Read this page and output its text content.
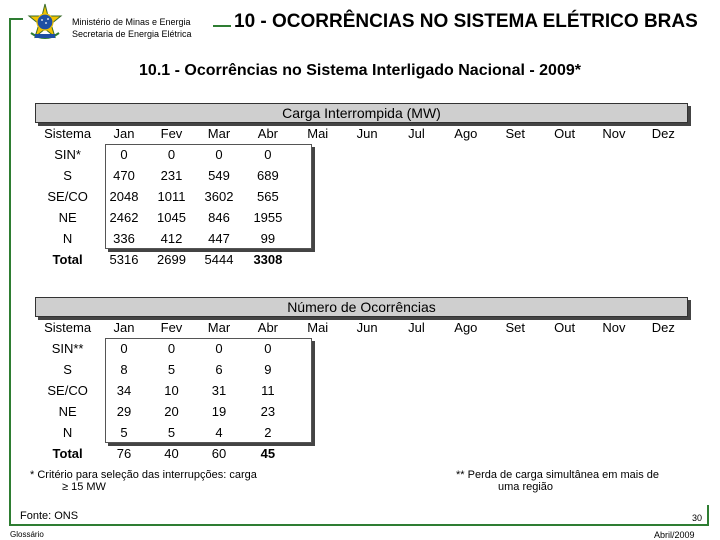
Ministério de Minas e Energia
Secretaria de Energia Elétrica
10 - OCORRÊNCIAS NO SISTEMA ELÉTRICO BRAS
10.1 - Ocorrências no Sistema Interligado Nacional - 2009*
Carga Interrompida (MW)
Sistema	Jan	Fev	Mar	Abr	Mai	Jun	Jul	Ago	Set	Out	Nov	Dez
SIN*	0	0	0	0
S	470	231	549	689
SE/CO	2048	1011	3602	565
NE	2462	1045	846	1955
N	336	412	447	99
Total	5316	2699	5444	3308
Número de Ocorrências
Sistema	Jan	Fev	Mar	Abr	Mai	Jun	Jul	Ago	Set	Out	Nov	Dez
SIN**	0	0	0	0
S	8	5	6	9
SE/CO	34	10	31	11
NE	29	20	19	23
N	5	5	4	2
Total	76	40	60	45
* Critério para seleção das interrupções: carga
≥ 15 MW
** Perda de carga simultânea em mais de
uma região
Fonte: ONS
Glossário
30
Abril/2009
